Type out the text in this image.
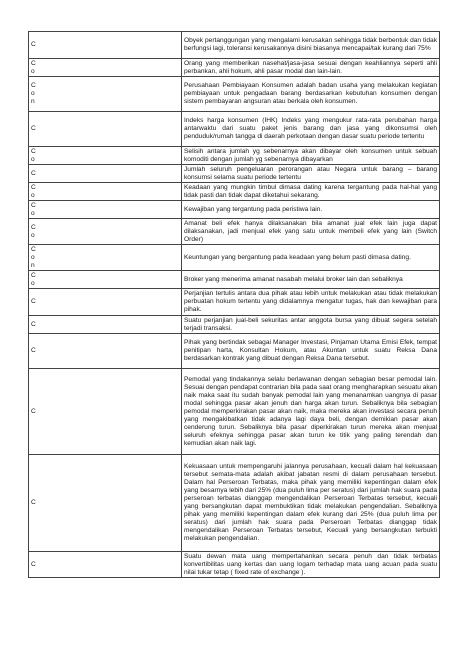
C	Obyek pertanggungan yang mengalami kerusakan sehingga tidak berbentuk dan tidak berfungsi lagi, toleransi kerusakannya disini biasanya mencapai/tak kurang dari 75%

C
o	Orang yang memberikan nasehat/jasa-jasa sesuai dengan keahliannya seperti ahli perbankan, ahli hokum, ahli pasar modal dan lain-lain.

C
o
n	Perusahaan Pembiayaan Konsumen adalah badan usaha yang melakukan kegiatan pembiayaan untuk pengadaan barang berdasarkan kebutuhan konsumen dengan sistem pembayaran angsuran atau berkala oleh konsumen.

C	Indeks harga konsumen (IHK) Indeks yang mengukur rata-rata perubahan harga antarwaktu dari suatu paket jenis barang dan jasa yang dikonsumsi oleh penduduk/rumah tangga di daerah perkotaan dengan dasar suatu periode tertentu

C
o	Selisih antara jumlah yg sebenarnya akan dibayar oleh konsumen untuk sebuah komoditi dengan jumlah yg sebenarnya dibayarkan

C	Jumlah seluruh pengeluaran perorangan atau Negara untuk barang – barang konsumsi selama suatu periode tertentu

C
o	Keadaan yang mungkin timbul dimasa dating karena tergantung pada hal-hal yang tidak pasti dan tidak dapat diketahui sekarang.

C
o	Kewajiban yang tergantung pada peristiwa lain.

C
o	Amanat beli efek hanya dilaksanakan bila amanat jual efek lain juga dapat dilaksanakan, jadi menjual efek yang satu untuk membeli efek yang lain (Switch Order)

C
o
n	Keuntungan yang bergantung pada keadaan yang belum pasti dimasa dating.

C
o	Broker yang menerima amanat nasabah melalui broker lain dan sebaliknya

C	Perjanjian tertulis antara dua pihak atau lebih untuk melakukan atau tidak melakukan perbuatan hokum tertentu yang didalamnya mengatur tugas, hak dan kewajiban para pihak.

C	Suatu perjanjian jual-beli sekuritas antar anggota bursa yang dibuat segera setelah terjadi transaksi.

C	Pihak yang bertindak sebagai Manager Investasi, Pinjaman Utama Emisi Efek, tempat penitipan harta, Konsultan Hokum, atau Akuntan untuk suatu Reksa Dana berdasarkan kontrak yang dibuat dengan Reksa Dana tersebut.

C	Pemodal yang tindakannya selalu berlawanan dengan sebagian besar pemodal lain. Sesuai dengan pendapat contrarian bila pada saat orang mengharapkan sesuatu akan naik maka saat itu sudah banyak pemodal lain yang menanamkan uangnya di pasar modal sehingga pasar akan jenuh dan harga akan turun. Sebaliknya bila sebagian pemodal memperkirakan pasar akan naik, maka mereka akan investasi secara penuh yang mengakibatkan tidak adanya lagi daya beli, dengan demikian pasar akan cenderung turun. Sebaliknya bila pasar diperkirakan turun mereka akan menjual seluruh efeknya sehingga pasar akan turun ke titik yang paling terendah dan kemudian akan naik lagi.

C	Kekuasaan untuk mempengaruhi jalannya perusahaan, kecuali dalam hal kekuasaan tersebut semata-mata adalah akibat jabatan resmi di dalam perusahaan tersebut. Dalam hal Perseroan Terbatas, maka pihak yang memiliki kepentingan dalam efek yang besarnya lebih dari 25% (dua puluh lima per seratus) dari jumlah hak suara pada perseroan terbatas dianggap mengendalikan Perseroan Terbatas tersebut, kecuali yang bersangkutan dapat membuktikan tidak melakukan pengendalian. Sebaliknya pihak yang memiliki kepentingan dalam efek kurang dari 25% (dua puluh lima per seratus) dari jumlah hak suara pada Perseroan Terbatas dianggap tidak mengendalikan Perseroan Terbatas tersebut, Kecuali yang bersangkutan terbukti melakukan pengendalian.

C	Suatu dewan mata uang mempertahankan secara penuh dan tidak terbatas konvertibilitas uang kertas dan uang logam terhadap mata uang acuan pada suatu nilai tukar tetap ( fixed rate of exchange ).
